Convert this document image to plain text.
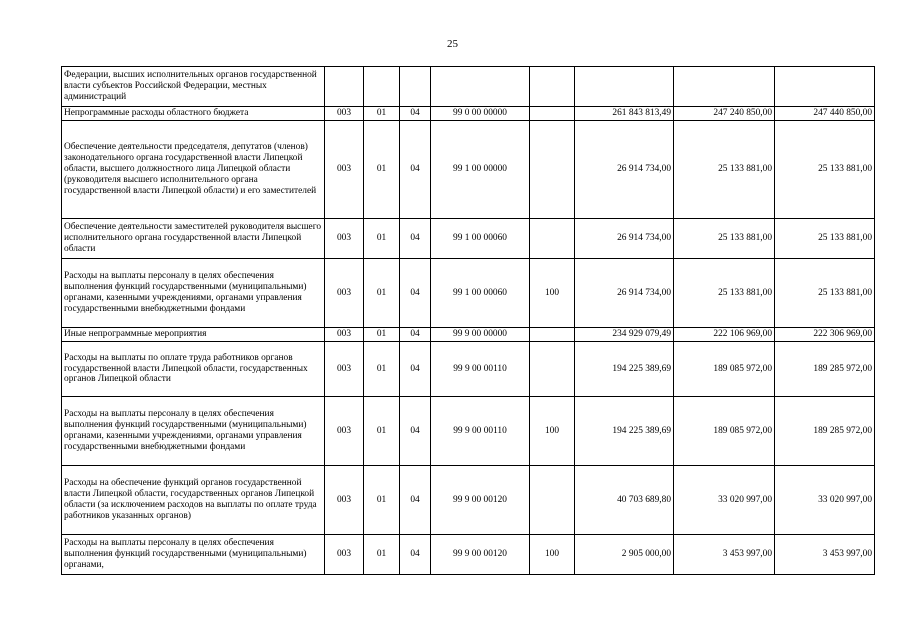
25
Федерации, высших исполнительных органов государственной власти субъектов Российской Федерации, местных администраций								
Непрограммные расходы областного бюджета	003	01	04	99 0 00 00000		261 843 813,49	247 240 850,00	247 440 850,00
Обеспечение деятельности председателя, депутатов (членов) законодательного органа государственной власти Липецкой области, высшего должностного лица Липецкой области (руководителя высшего исполнительного органа государственной власти Липецкой области) и его заместителей	003	01	04	99 1 00 00000		26 914 734,00	25 133 881,00	25 133 881,00
Обеспечение деятельности заместителей руководителя высшего исполнительного органа государственной власти Липецкой области	003	01	04	99 1 00 00060		26 914 734,00	25 133 881,00	25 133 881,00
Расходы на выплаты персоналу в целях обеспечения выполнения функций государственными (муниципальными) органами, казенными учреждениями, органами управления государственными внебюджетными фондами	003	01	04	99 1 00 00060	100	26 914 734,00	25 133 881,00	25 133 881,00
Иные непрограммные мероприятия	003	01	04	99 9 00 00000		234 929 079,49	222 106 969,00	222 306 969,00
Расходы на выплаты по оплате труда работников органов государственной власти Липецкой области, государственных органов Липецкой области	003	01	04	99 9 00 00110		194 225 389,69	189 085 972,00	189 285 972,00
Расходы на выплаты персоналу в целях обеспечения выполнения функций государственными (муниципальными) органами, казенными учреждениями, органами управления государственными внебюджетными фондами	003	01	04	99 9 00 00110	100	194 225 389,69	189 085 972,00	189 285 972,00
Расходы на обеспечение функций органов государственной власти Липецкой области, государственных органов Липецкой области (за исключением расходов на выплаты по оплате труда работников указанных органов)	003	01	04	99 9 00 00120		40 703 689,80	33 020 997,00	33 020 997,00
Расходы на выплаты персоналу в целях обеспечения выполнения функций государственными (муниципальными) органами,	003	01	04	99 9 00 00120	100	2 905 000,00	3 453 997,00	3 453 997,00
